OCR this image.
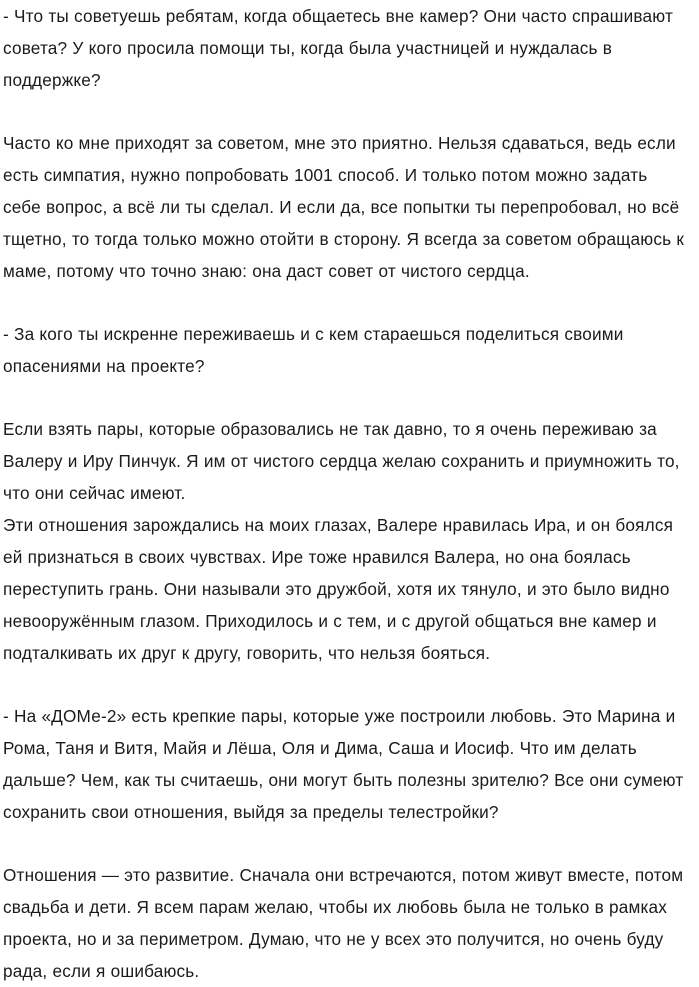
- Что ты советуешь ребятам, когда общаетесь вне камер? Они часто спрашивают совета? У кого просила помощи ты, когда была участницей и нуждалась в поддержке?

Часто ко мне приходят за советом, мне это приятно. Нельзя сдаваться, ведь если есть симпатия, нужно попробовать 1001 способ. И только потом можно задать себе вопрос, а всё ли ты сделал. И если да, все попытки ты перепробовал, но всё тщетно, то тогда только можно отойти в сторону. Я всегда за советом обращаюсь к маме, потому что точно знаю: она даст совет от чистого сердца.

- За кого ты искренне переживаешь и с кем стараешься поделиться своими опасениями на проекте?

Если взять пары, которые образовались не так давно, то я очень переживаю за Валеру и Иру Пинчук. Я им от чистого сердца желаю сохранить и приумножить то, что они сейчас имеют.

Эти отношения зарождались на моих глазах, Валере нравилась Ира, и он боялся ей признаться в своих чувствах. Ире тоже нравился Валера, но она боялась переступить грань. Они называли это дружбой, хотя их тянуло, и это было видно невооружённым глазом. Приходилось и с тем, и с другой общаться вне камер и подталкивать их друг к другу, говорить, что нельзя бояться.

- На «ДОМе-2» есть крепкие пары, которые уже построили любовь. Это Марина и Рома, Таня и Витя, Майя и Лёша, Оля и Дима, Саша и Иосиф. Что им делать дальше? Чем, как ты считаешь, они могут быть полезны зрителю? Все они сумеют сохранить свои отношения, выйдя за пределы телестройки?

Отношения — это развитие. Сначала они встречаются, потом живут вместе, потом свадьба и дети. Я всем парам желаю, чтобы их любовь была не только в рамках проекта, но и за периметром. Думаю, что не у всех это получится, но очень буду рада, если я ошибаюсь.
